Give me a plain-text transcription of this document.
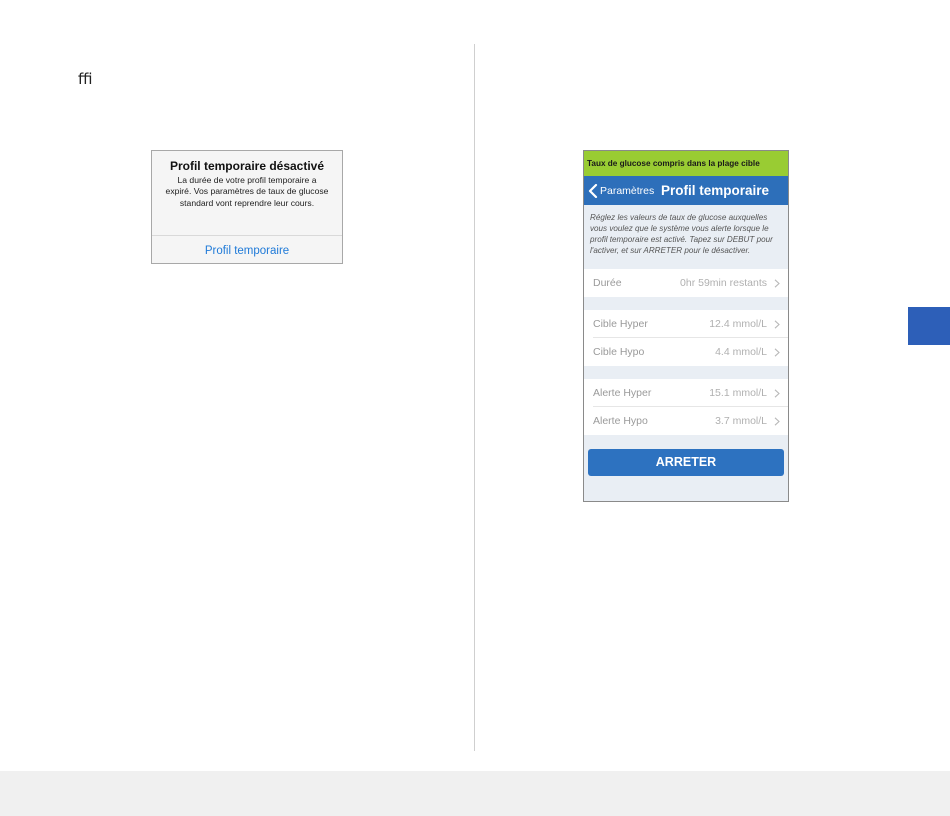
ﬃ
Profil temporaire désactivé
La durée de votre profil temporaire a expiré. Vos paramètres de taux de glucose standard vont reprendre leur cours.
Profil temporaire
Taux de glucose compris dans la plage cible
Paramètres Profil temporaire
Réglez les valeurs de taux de glucose auxquelles vous voulez que le système vous alerte lorsque le profil temporaire est activé. Tapez sur DEBUT pour l'activer, et sur ARRETER pour le désactiver.
Durée	0hr 59min restants
Cible Hyper	12.4 mmol/L
Cible Hypo	4.4 mmol/L
Alerte Hyper	15.1 mmol/L
Alerte Hypo	3.7 mmol/L
ARRETER
